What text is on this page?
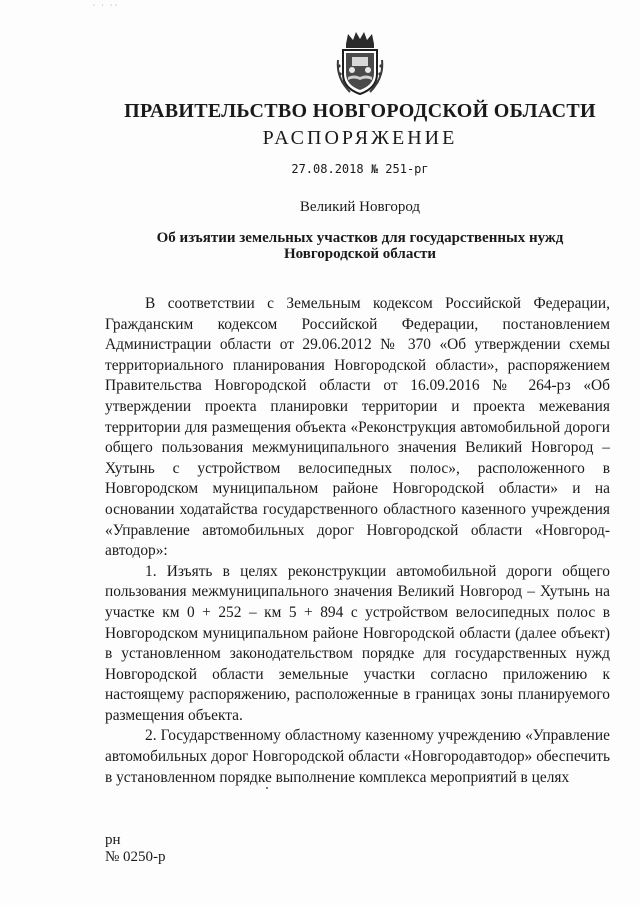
˙ ˙ ˙˙
ПРАВИТЕЛЬСТВО НОВГОРОДСКОЙ ОБЛАСТИ
РАСПОРЯЖЕНИЕ
27.08.2018 № 251-рг
Великий Новгород
Об изъятии земельных участков для государственных нужд
Новгородской области

В соответствии с Земельным кодексом Российской Федерации, Гражданским кодексом Российской Федерации, постановлением Администрации области от 29.06.2012 № 370 «Об утверждении схемы территориального планирования Новгородской области», распоряжением Правительства Новгородской области от 16.09.2016 № 264-рз «Об утверждении проекта планировки территории и проекта межевания территории для размещения объекта «Реконструкция автомобильной дороги общего пользования межмуниципального значения Великий Новгород – Хутынь с устройством велосипедных полос», расположенного в Новгородском муниципальном районе Новгородской области» и на основании ходатайства государственного областного казенного учреждения «Управление автомобильных дорог Новгородской области «Новгород-автодор»:

1. Изъять в целях реконструкции автомобильной дороги общего пользования межмуниципального значения Великий Новгород – Хутынь на участке км 0 + 252 – км 5 + 894 с устройством велосипедных полос в Новгородском муниципальном районе Новгородской области (далее объект) в установленном законодательством порядке для государственных нужд Новгородской области земельные участки согласно приложению к настоящему распоряжению, расположенные в границах зоны планируемого размещения объекта.

2. Государственному областному казенному учреждению «Управление автомобильных дорог Новгородской области «Новгородавтодор» обеспечить в установленном порядке выполнение комплекса мероприятий в целях

рн
№ 0250-р
